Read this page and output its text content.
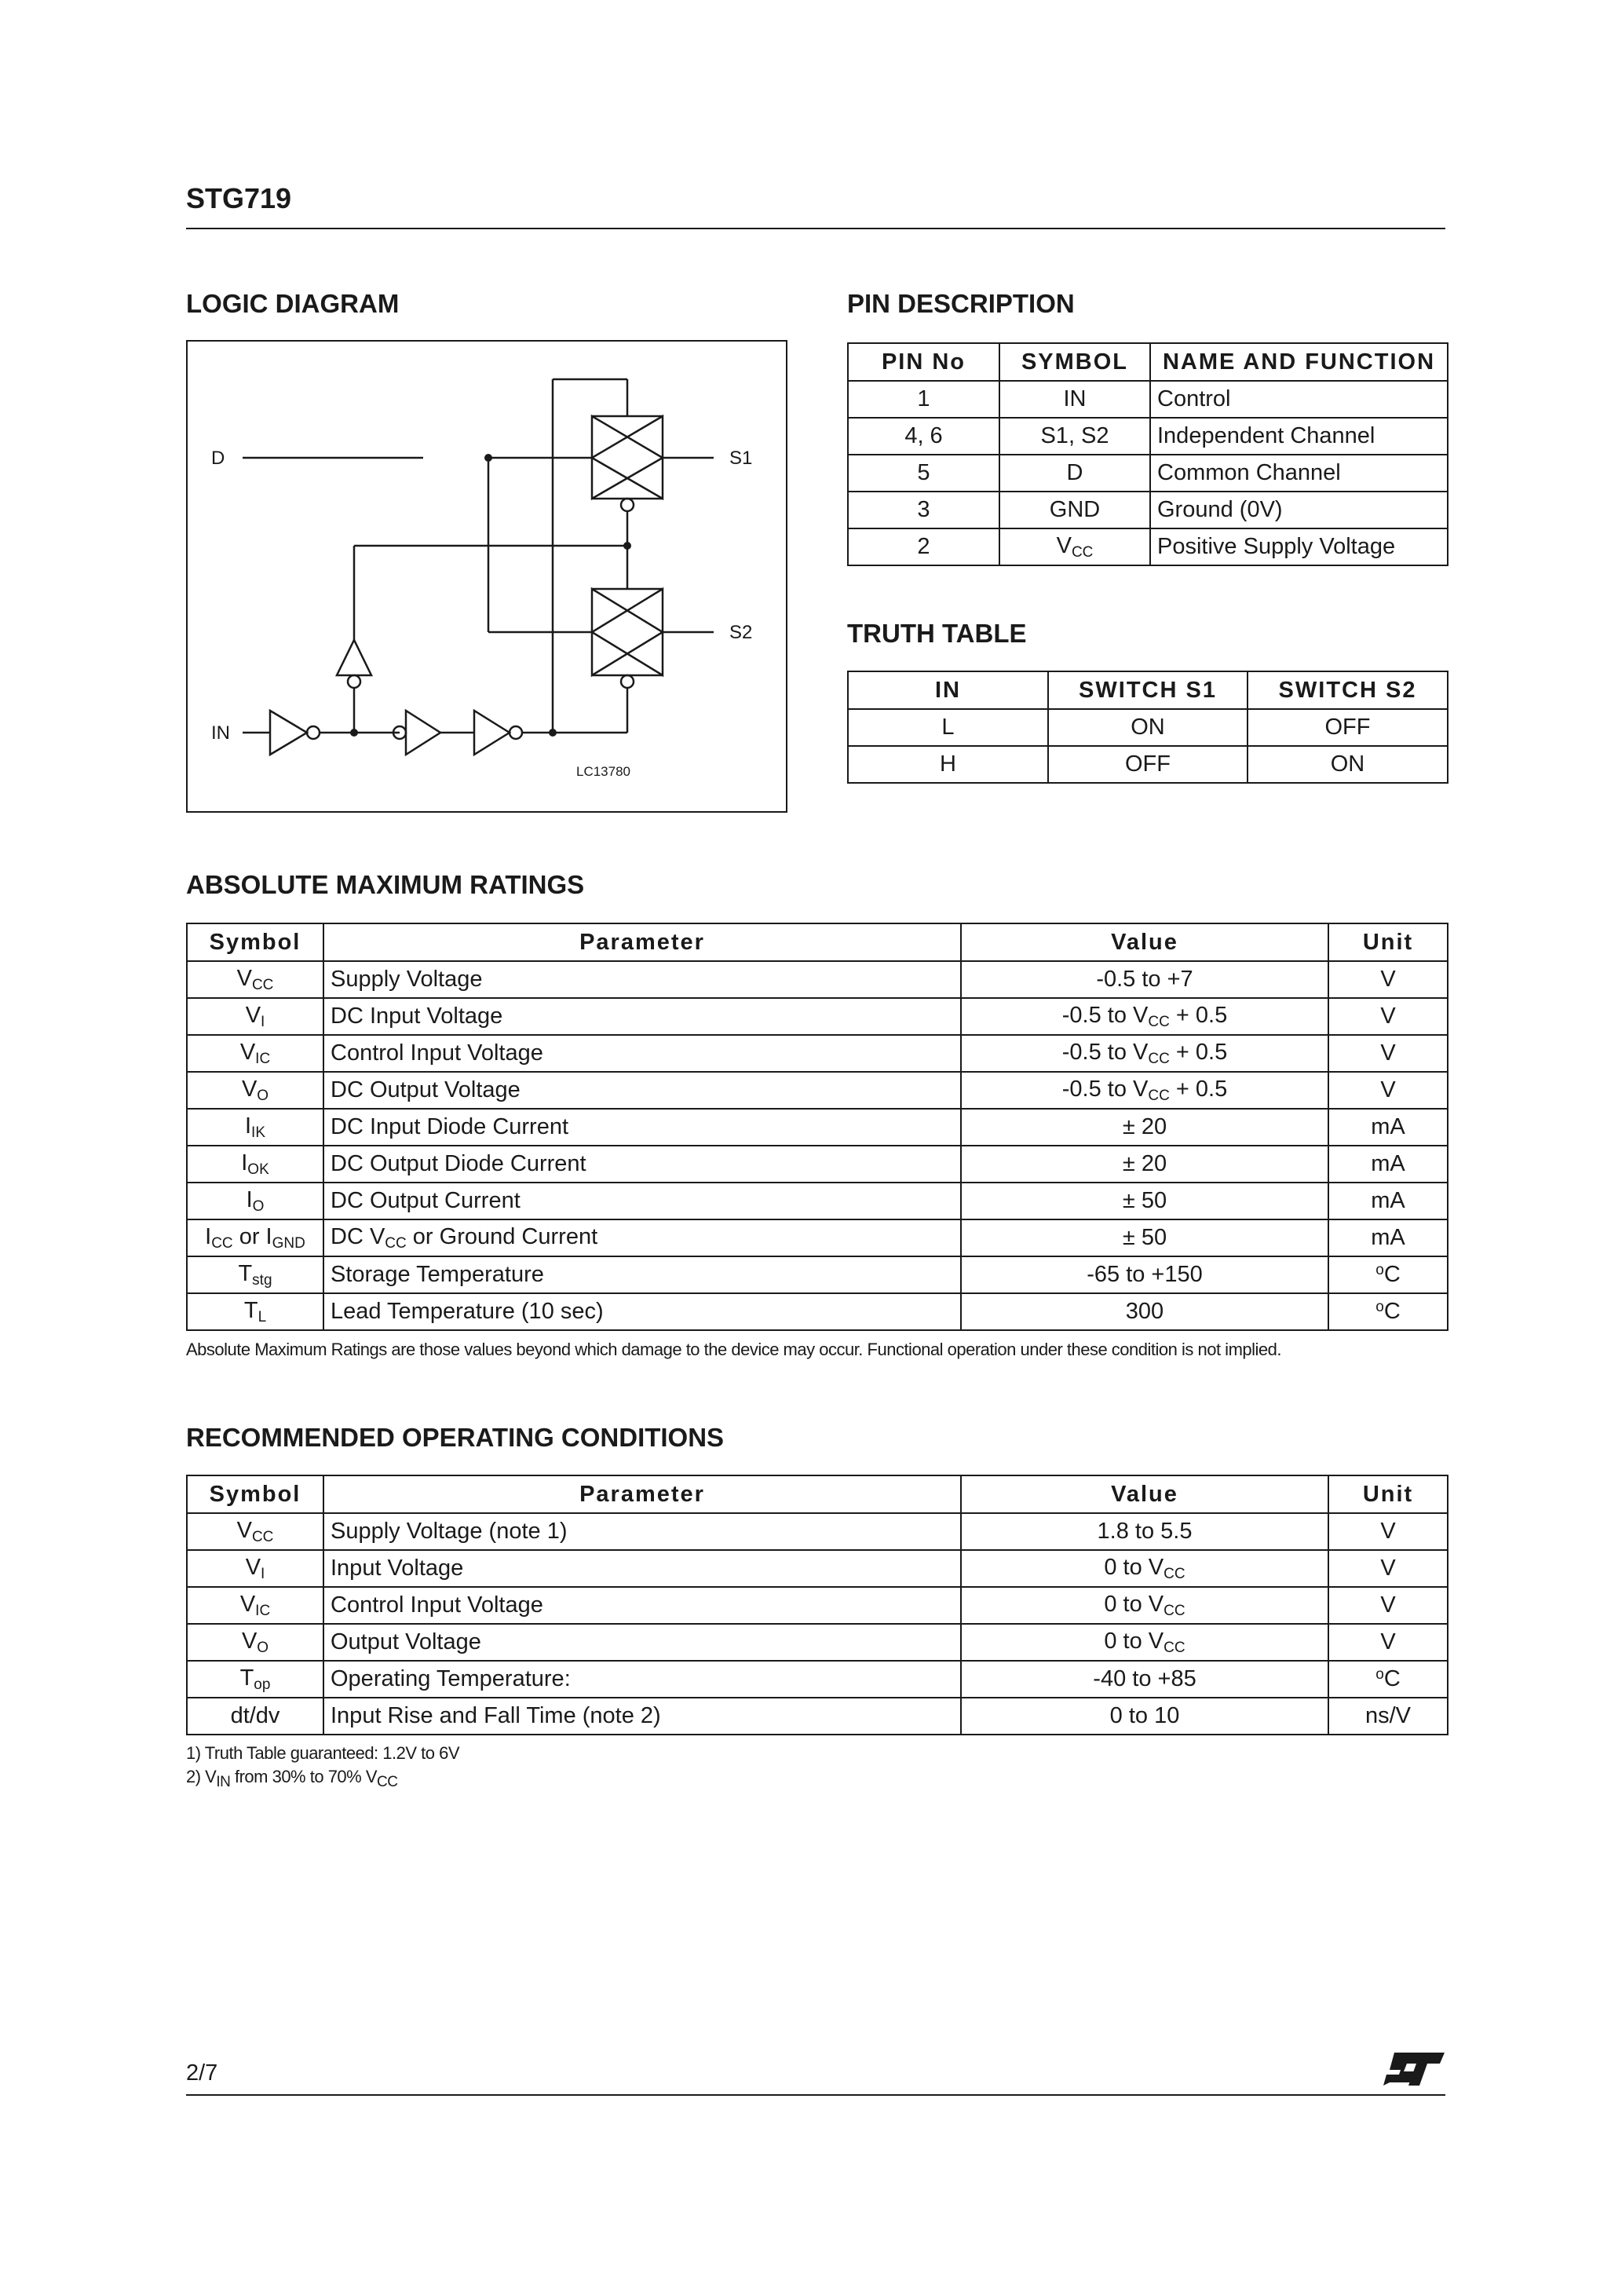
STG719
LOGIC DIAGRAM
D	S1
S2
IN
LC13780
PIN DESCRIPTION
PIN No	SYMBOL	NAME AND FUNCTION
1	IN	Control
4, 6	S1, S2	Independent Channel
5	D	Common Channel
3	GND	Ground (0V)
2	$V_{CC}$	Positive Supply Voltage
TRUTH TABLE
IN	SWITCH S1	SWITCH S2
L	ON	OFF
H	OFF	ON
ABSOLUTE MAXIMUM RATINGS
Symbol	Parameter	Value	Unit
$V_{CC}$	Supply Voltage	-0.5 to +7	V
$V_I$	DC Input Voltage	-0.5 to $V_{CC} + 0.5$	V
$V_{IC}$	Control Input Voltage	-0.5 to $V_{CC} + 0.5$	V
$V_O$	DC Output Voltage	-0.5 to $V_{CC} + 0.5$	V
$I_{IK}$	DC Input Diode Current	± 20	mA
$I_{OK}$	DC Output Diode Current	± 20	mA
$I_O$	DC Output Current	± 50	mA
$I_{CC}$ or $I_{GND}$	DC $V_{CC}$ or Ground Current	± 50	mA
$T_{stg}$	Storage Temperature	-65 to +150	$^o$C
$T_L$	Lead Temperature (10 sec)	300	$^o$C
Absolute Maximum Ratings are those values beyond which damage to the device may occur. Functional operation under these condition is not implied.
RECOMMENDED OPERATING CONDITIONS
Symbol	Parameter	Value	Unit
$V_{CC}$	Supply Voltage (note 1)	1.8 to 5.5	V
$V_I$	Input Voltage	0 to $V_{CC}$	V
$V_{IC}$	Control Input Voltage	0 to $V_{CC}$	V
$V_O$	Output Voltage	0 to $V_{CC}$	V
$T_{op}$	Operating Temperature:	-40 to +85	$^o$C
dt/dv	Input Rise and Fall Time (note 2)	0 to 10	ns/V
1) Truth Table guaranteed: 1.2V to 6V
2) $V_{IN}$ from 30% to 70% $V_{CC}$
2/7
ST
